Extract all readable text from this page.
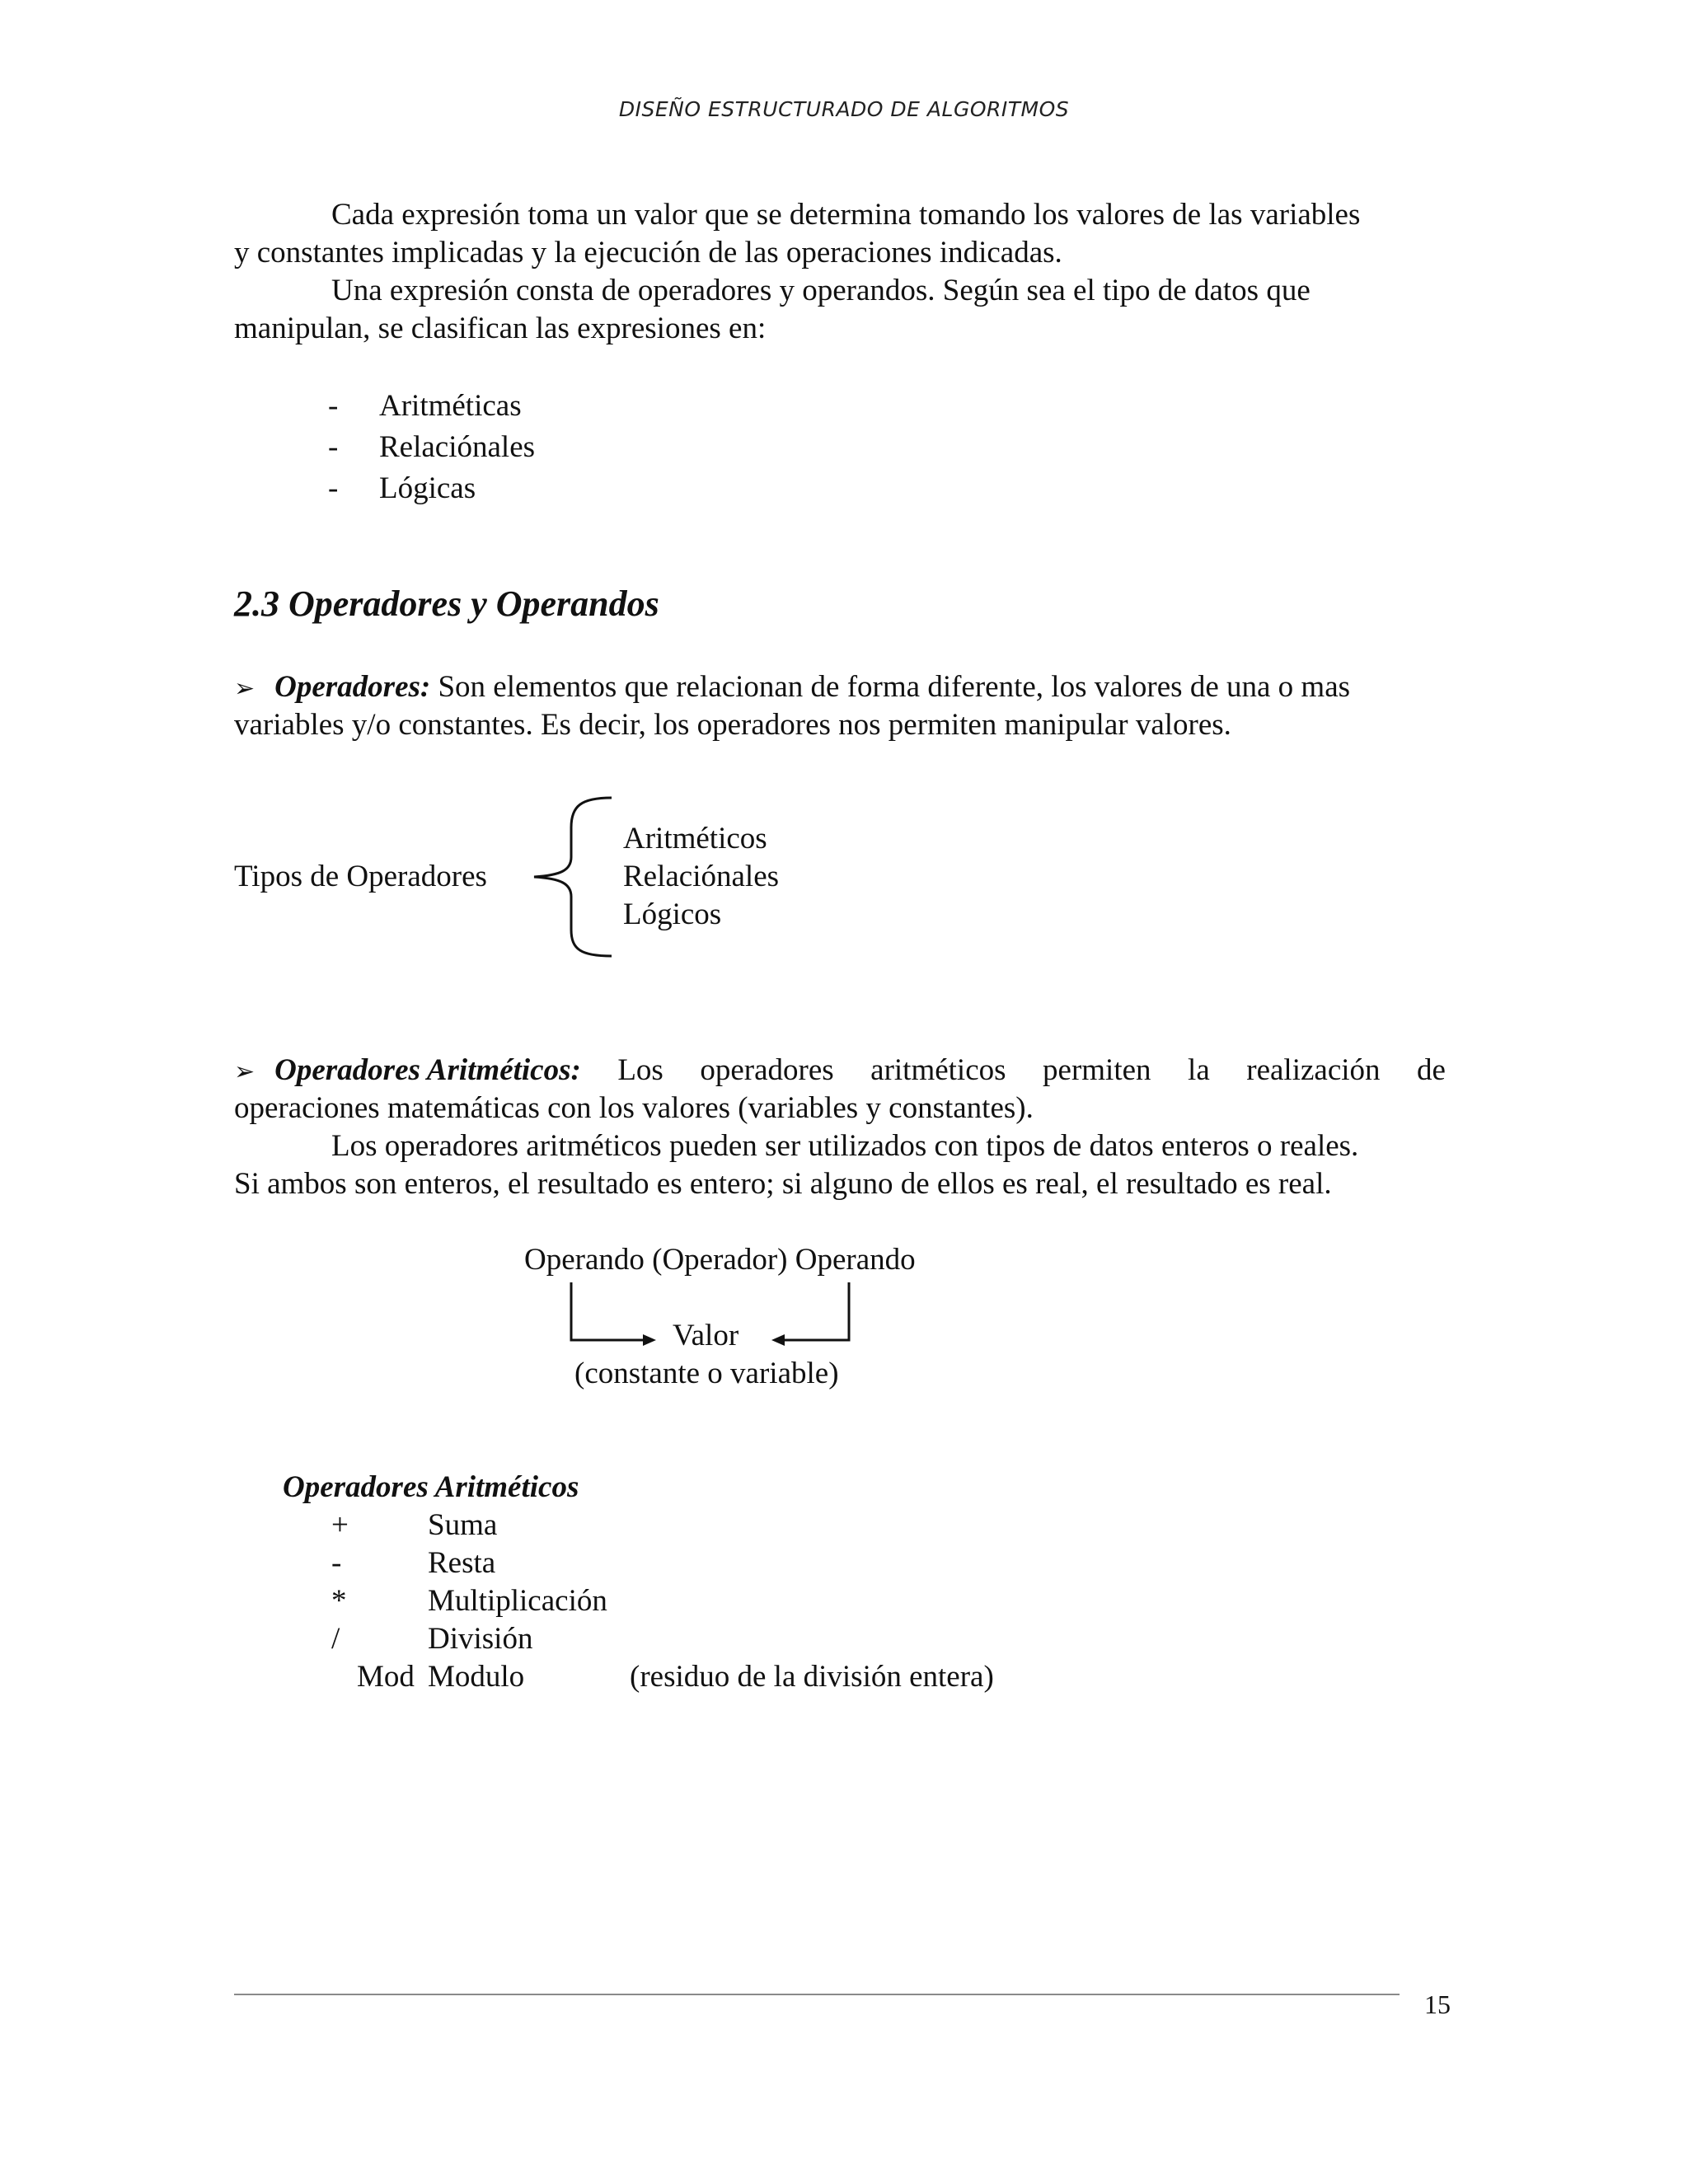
DISEÑO ESTRUCTURADO DE ALGORITMOS
Cada expresión toma un valor que se determina tomando los valores de las variables
y constantes implicadas y la ejecución de las operaciones indicadas.
Una expresión consta de operadores y operandos. Según sea el tipo de datos que
manipulan, se clasifican las expresiones en:
- Aritméticas
- Relaciónales
- Lógicas
2.3 Operadores y Operandos
➢ Operadores: Son elementos que relacionan de forma diferente, los valores de una o mas
variables y/o constantes. Es decir, los operadores nos permiten manipular valores.
Tipos de Operadores
Aritméticos
Relaciónales
Lógicos
➢ Operadores Aritméticos: Los operadores aritméticos permiten la realización de
operaciones matemáticas con los valores (variables y constantes).
Los operadores aritméticos pueden ser utilizados con tipos de datos enteros o reales.
Si ambos son enteros, el resultado es entero; si alguno de ellos es real, el resultado es real.
Operando (Operador) Operando
Valor
(constante o variable)
Operadores Aritméticos
+	Suma
-	Resta
*	Multiplicación
/	División
Mod Modulo	(residuo de la división entera)
15
